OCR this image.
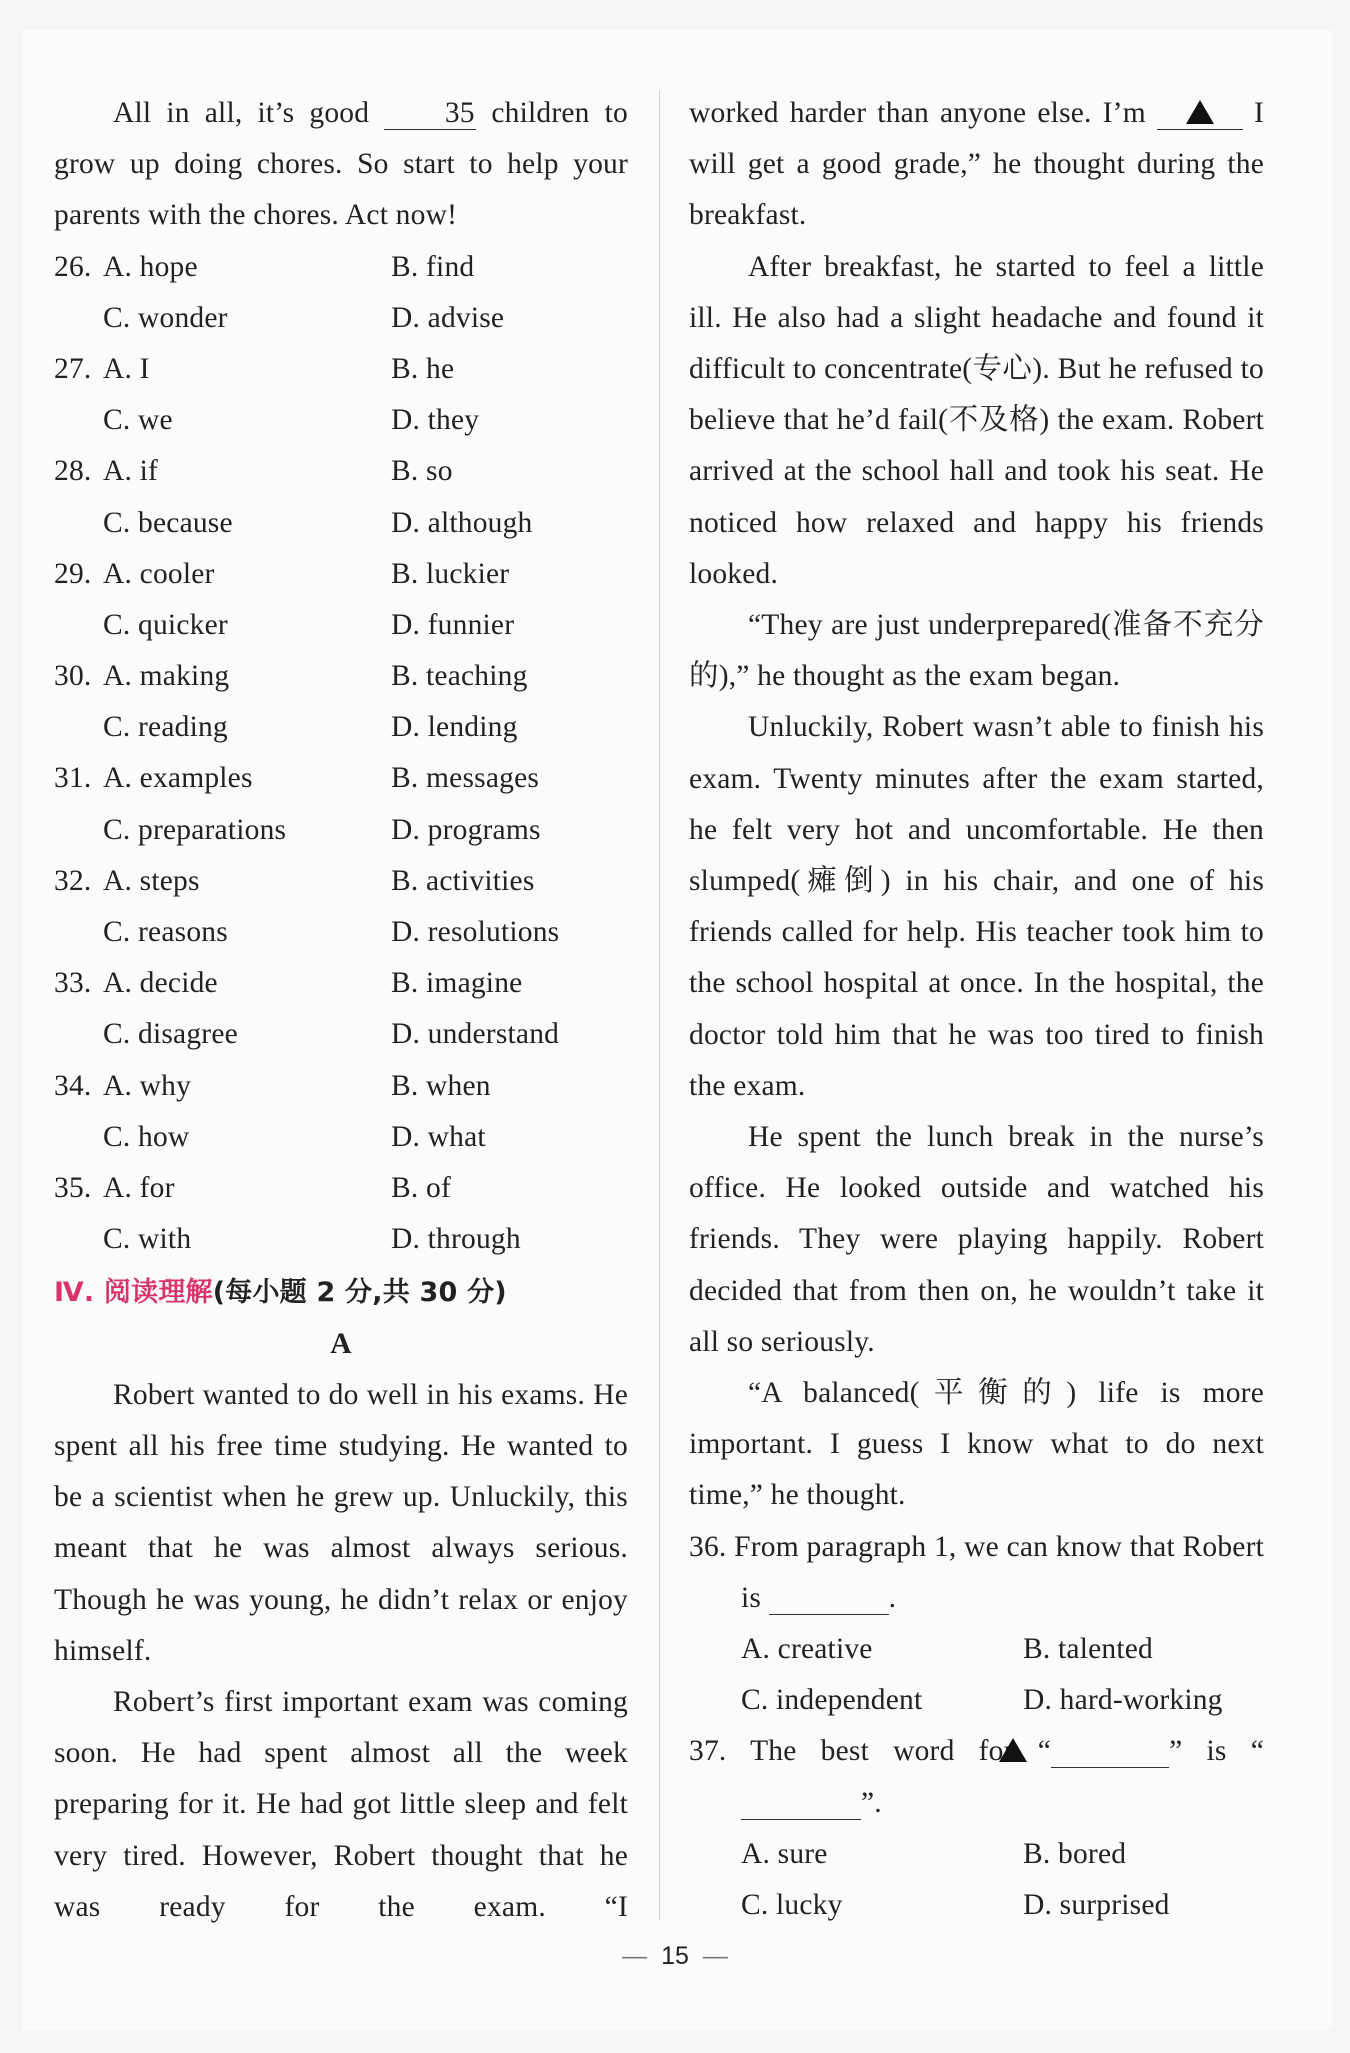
All in all, it’s good 35 children to grow up doing chores. So start to help your parents with the chores. Act now!

26. A. hope	B. find
C. wonder	D. advise
27. A. I	B. he
C. we	D. they
28. A. if	B. so
C. because	D. although
29. A. cooler	B. luckier
C. quicker	D. funnier
30. A. making	B. teaching
C. reading	D. lending
31. A. examples	B. messages
C. preparations	D. programs
32. A. steps	B. activities
C. reasons	D. resolutions
33. A. decide	B. imagine
C. disagree	D. understand
34. A. why	B. when
C. how	D. what
35. A. for	B. of
C. with	D. through

Ⅳ. 阅读理解(每小题 2 分,共 30 分)

A

Robert wanted to do well in his exams. He spent all his free time studying. He wanted to be a scientist when he grew up. Unluckily, this meant that he was almost always serious. Though he was young, he didn’t relax or enjoy himself.

Robert’s first important exam was coming soon. He had spent almost all the week preparing for it. He had got little sleep and felt very tired. However, Robert thought that he was ready for the exam. “I

worked harder than anyone else. I’m	I will get a good grade,” he thought during the breakfast.

After breakfast, he started to feel a little ill. He also had a slight headache and found it difficult to concentrate(专心). But he refused to believe that he’d fail(不及格) the exam. Robert arrived at the school hall and took his seat. He noticed how relaxed and happy his friends looked.

“They are just underprepared(准备不充分的),” he thought as the exam began.

Unluckily, Robert wasn’t able to finish his exam. Twenty minutes after the exam started, he felt very hot and uncomfortable. He then slumped(瘫倒) in his chair, and one of his friends called for help. His teacher took him to the school hospital at once. In the hospital, the doctor told him that he was too tired to finish the exam.

He spent the lunch break in the nurse’s office. He looked outside and watched his friends. They were playing happily. Robert decided that from then on, he wouldn’t take it all so seriously.

“A balanced(平衡的) life is more important. I guess I know what to do next time,” he thought.

36. From paragraph 1, we can know that Robert is	.

A. creative	B. talented
C. independent	D. hard-working

37. The best word for “	” is “ ”.

A. sure	B. bored
C. lucky	D. surprised
— 15 —
